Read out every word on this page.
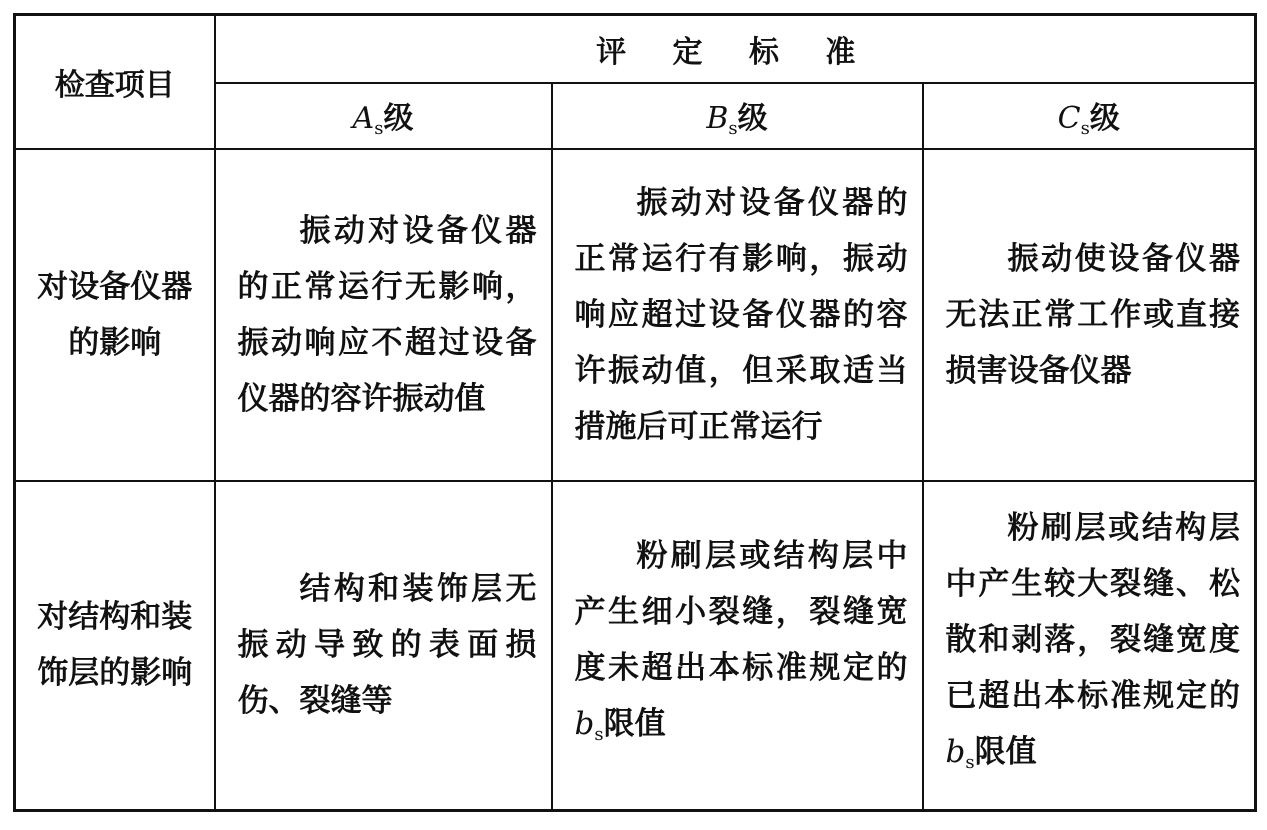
检查项目	评 定 标 准		
	$A_s$级	$B_s$级	$C_s$级

对设备仪器
的影响	振动对设备仪器的正常运行无影响，振动响应不超过设备仪器的容许振动值	振动对设备仪器的正常运行有影响，振动响应超过设备仪器的容许振动值，但采取适当措施后可正常运行	振动使设备仪器无法正常工作或直接损害设备仪器

对结构和装
饰层的影响	结构和装饰层无振动导致的表面损伤、裂缝等	粉刷层或结构层中产生细小裂缝，裂缝宽度未超出本标准规定的$b_s$限值	粉刷层或结构层中产生较大裂缝、松散和剥落，裂缝宽度已超出本标准规定的$b_s$限值
